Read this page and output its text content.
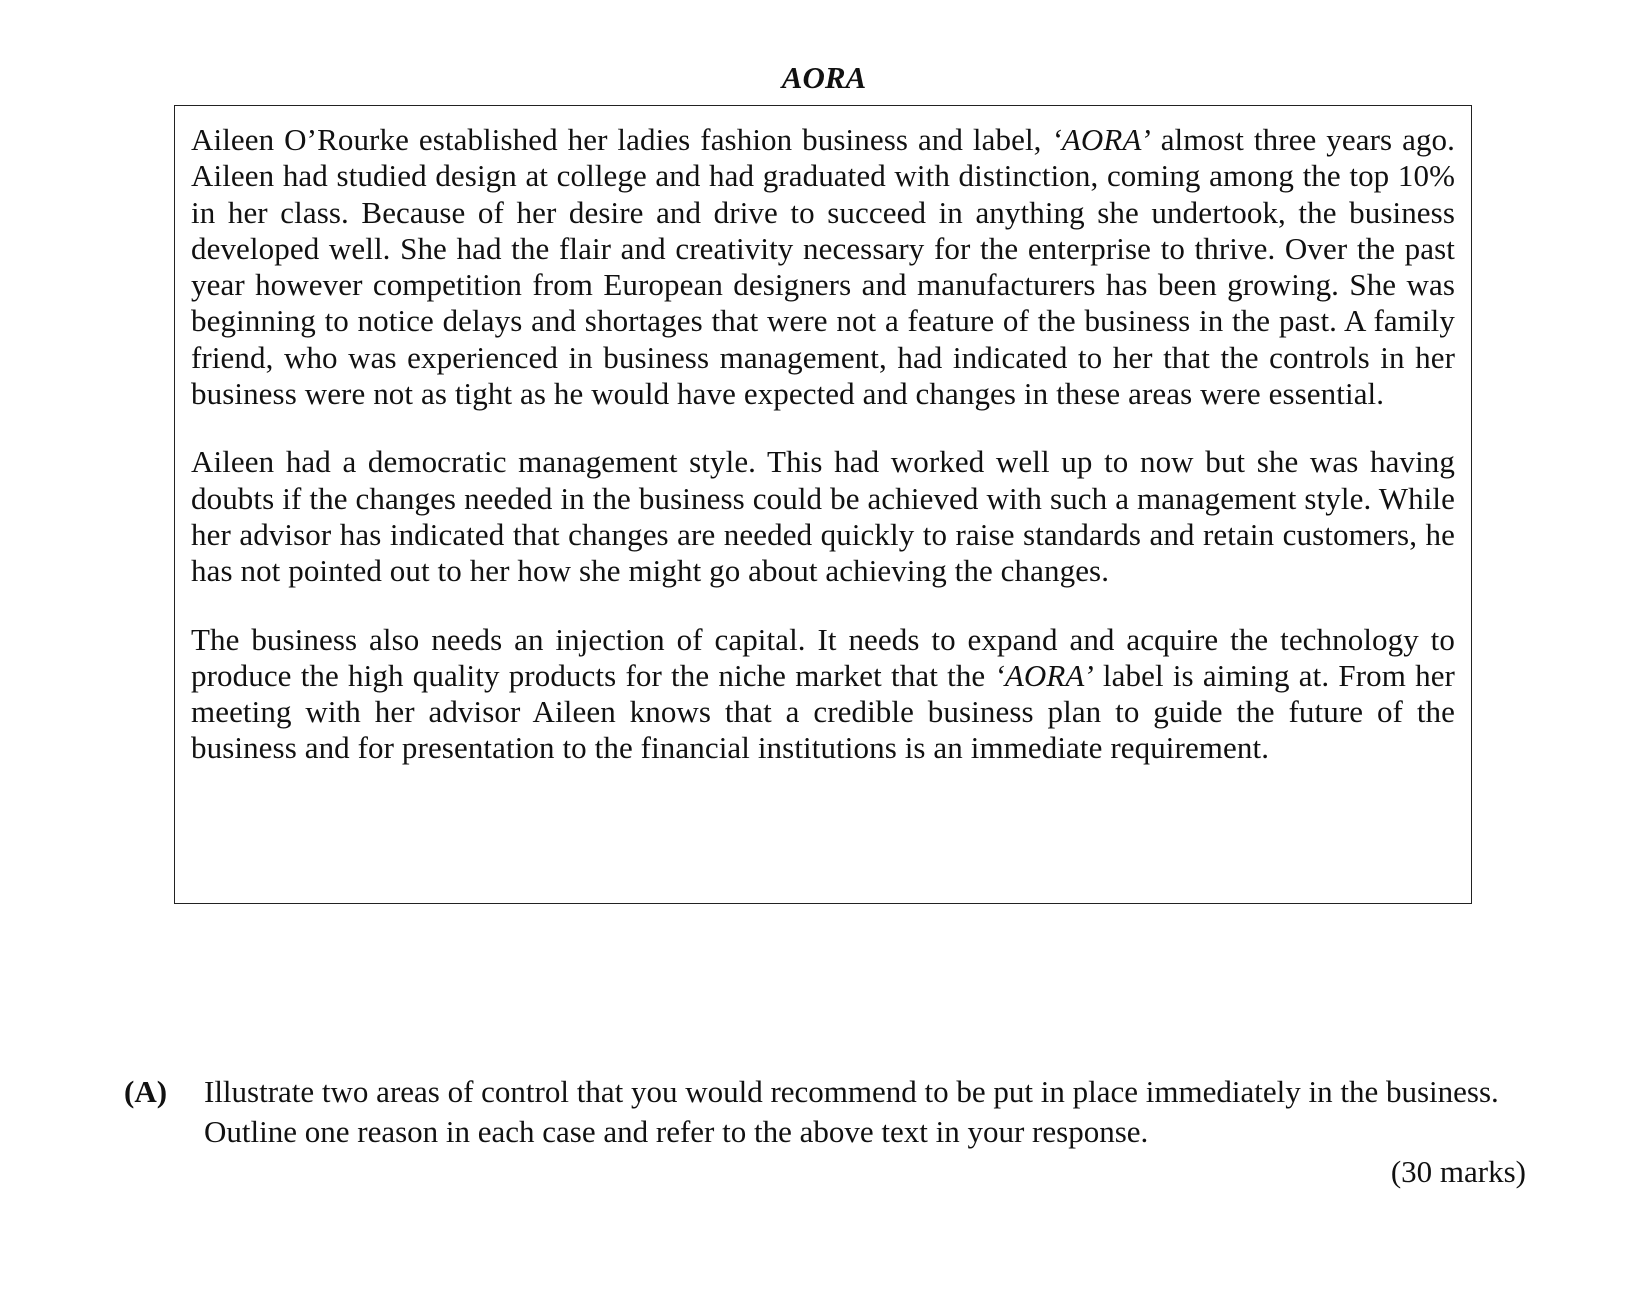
AORA

Aileen O’Rourke established her ladies fashion business and label, ‘AORA’ almost three years ago. Aileen had studied design at college and had graduated with distinction, coming among the top 10% in her class. Because of her desire and drive to succeed in anything she undertook, the business developed well. She had the flair and creativity necessary for the enterprise to thrive. Over the past year however competition from European designers and manufacturers has been growing. She was beginning to notice delays and shortages that were not a feature of the business in the past. A family friend, who was experienced in business management, had indicated to her that the controls in her business were not as tight as he would have expected and changes in these areas were essential.

Aileen had a democratic management style. This had worked well up to now but she was having doubts if the changes needed in the business could be achieved with such a management style. While her advisor has indicated that changes are needed quickly to raise standards and retain customers, he has not pointed out to her how she might go about achieving the changes.

The business also needs an injection of capital. It needs to expand and acquire the technology to produce the high quality products for the niche market that the ‘AORA’ label is aiming at. From her meeting with her advisor Aileen knows that a credible business plan to guide the future of the business and for presentation to the financial institutions is an immediate requirement.

(A) Illustrate two areas of control that you would recommend to be put in place immediately in the business. Outline one reason in each case and refer to the above text in your response.

(30 marks)
